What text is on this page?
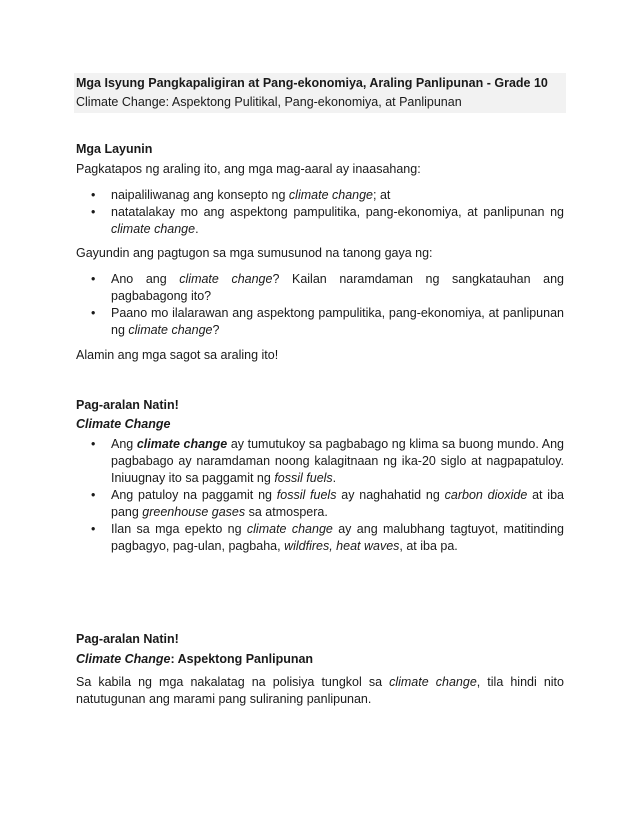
Mga Isyung Pangkapaligiran at Pang-ekonomiya, Araling Panlipunan - Grade 10
Climate Change: Aspektong Pulitikal, Pang-ekonomiya, at Panlipunan
Mga Layunin
Pagkatapos ng araling ito, ang mga mag-aaral ay inaasahang:
• naipaliliwanag ang konsepto ng climate change; at
• natatalakay mo ang aspektong pampulitika, pang-ekonomiya, at panlipunan ng climate change.
Gayundin ang pagtugon sa mga sumusunod na tanong gaya ng:
• Ano ang climate change? Kailan naramdaman ng sangkatauhan ang pagbabagong ito?
• Paano mo ilalarawan ang aspektong pampulitika, pang-ekonomiya, at panlipunan ng climate change?
Alamin ang mga sagot sa araling ito!
Pag-aralan Natin!
Climate Change
• Ang climate change ay tumutukoy sa pagbabago ng klima sa buong mundo. Ang pagbabago ay naramdaman noong kalagitnaan ng ika-20 siglo at nagpapatuloy. Iniuugnay ito sa paggamit ng fossil fuels.
• Ang patuloy na paggamit ng fossil fuels ay naghahatid ng carbon dioxide at iba pang greenhouse gases sa atmospera.
• Ilan sa mga epekto ng climate change ay ang malubhang tagtuyot, matitinding pagbagyo, pag-ulan, pagbaha, wildfires, heat waves, at iba pa.
Pag-aralan Natin!
Climate Change: Aspektong Panlipunan
Sa kabila ng mga nakalatag na polisiya tungkol sa climate change, tila hindi nito natutugunan ang marami pang suliraning panlipunan.
